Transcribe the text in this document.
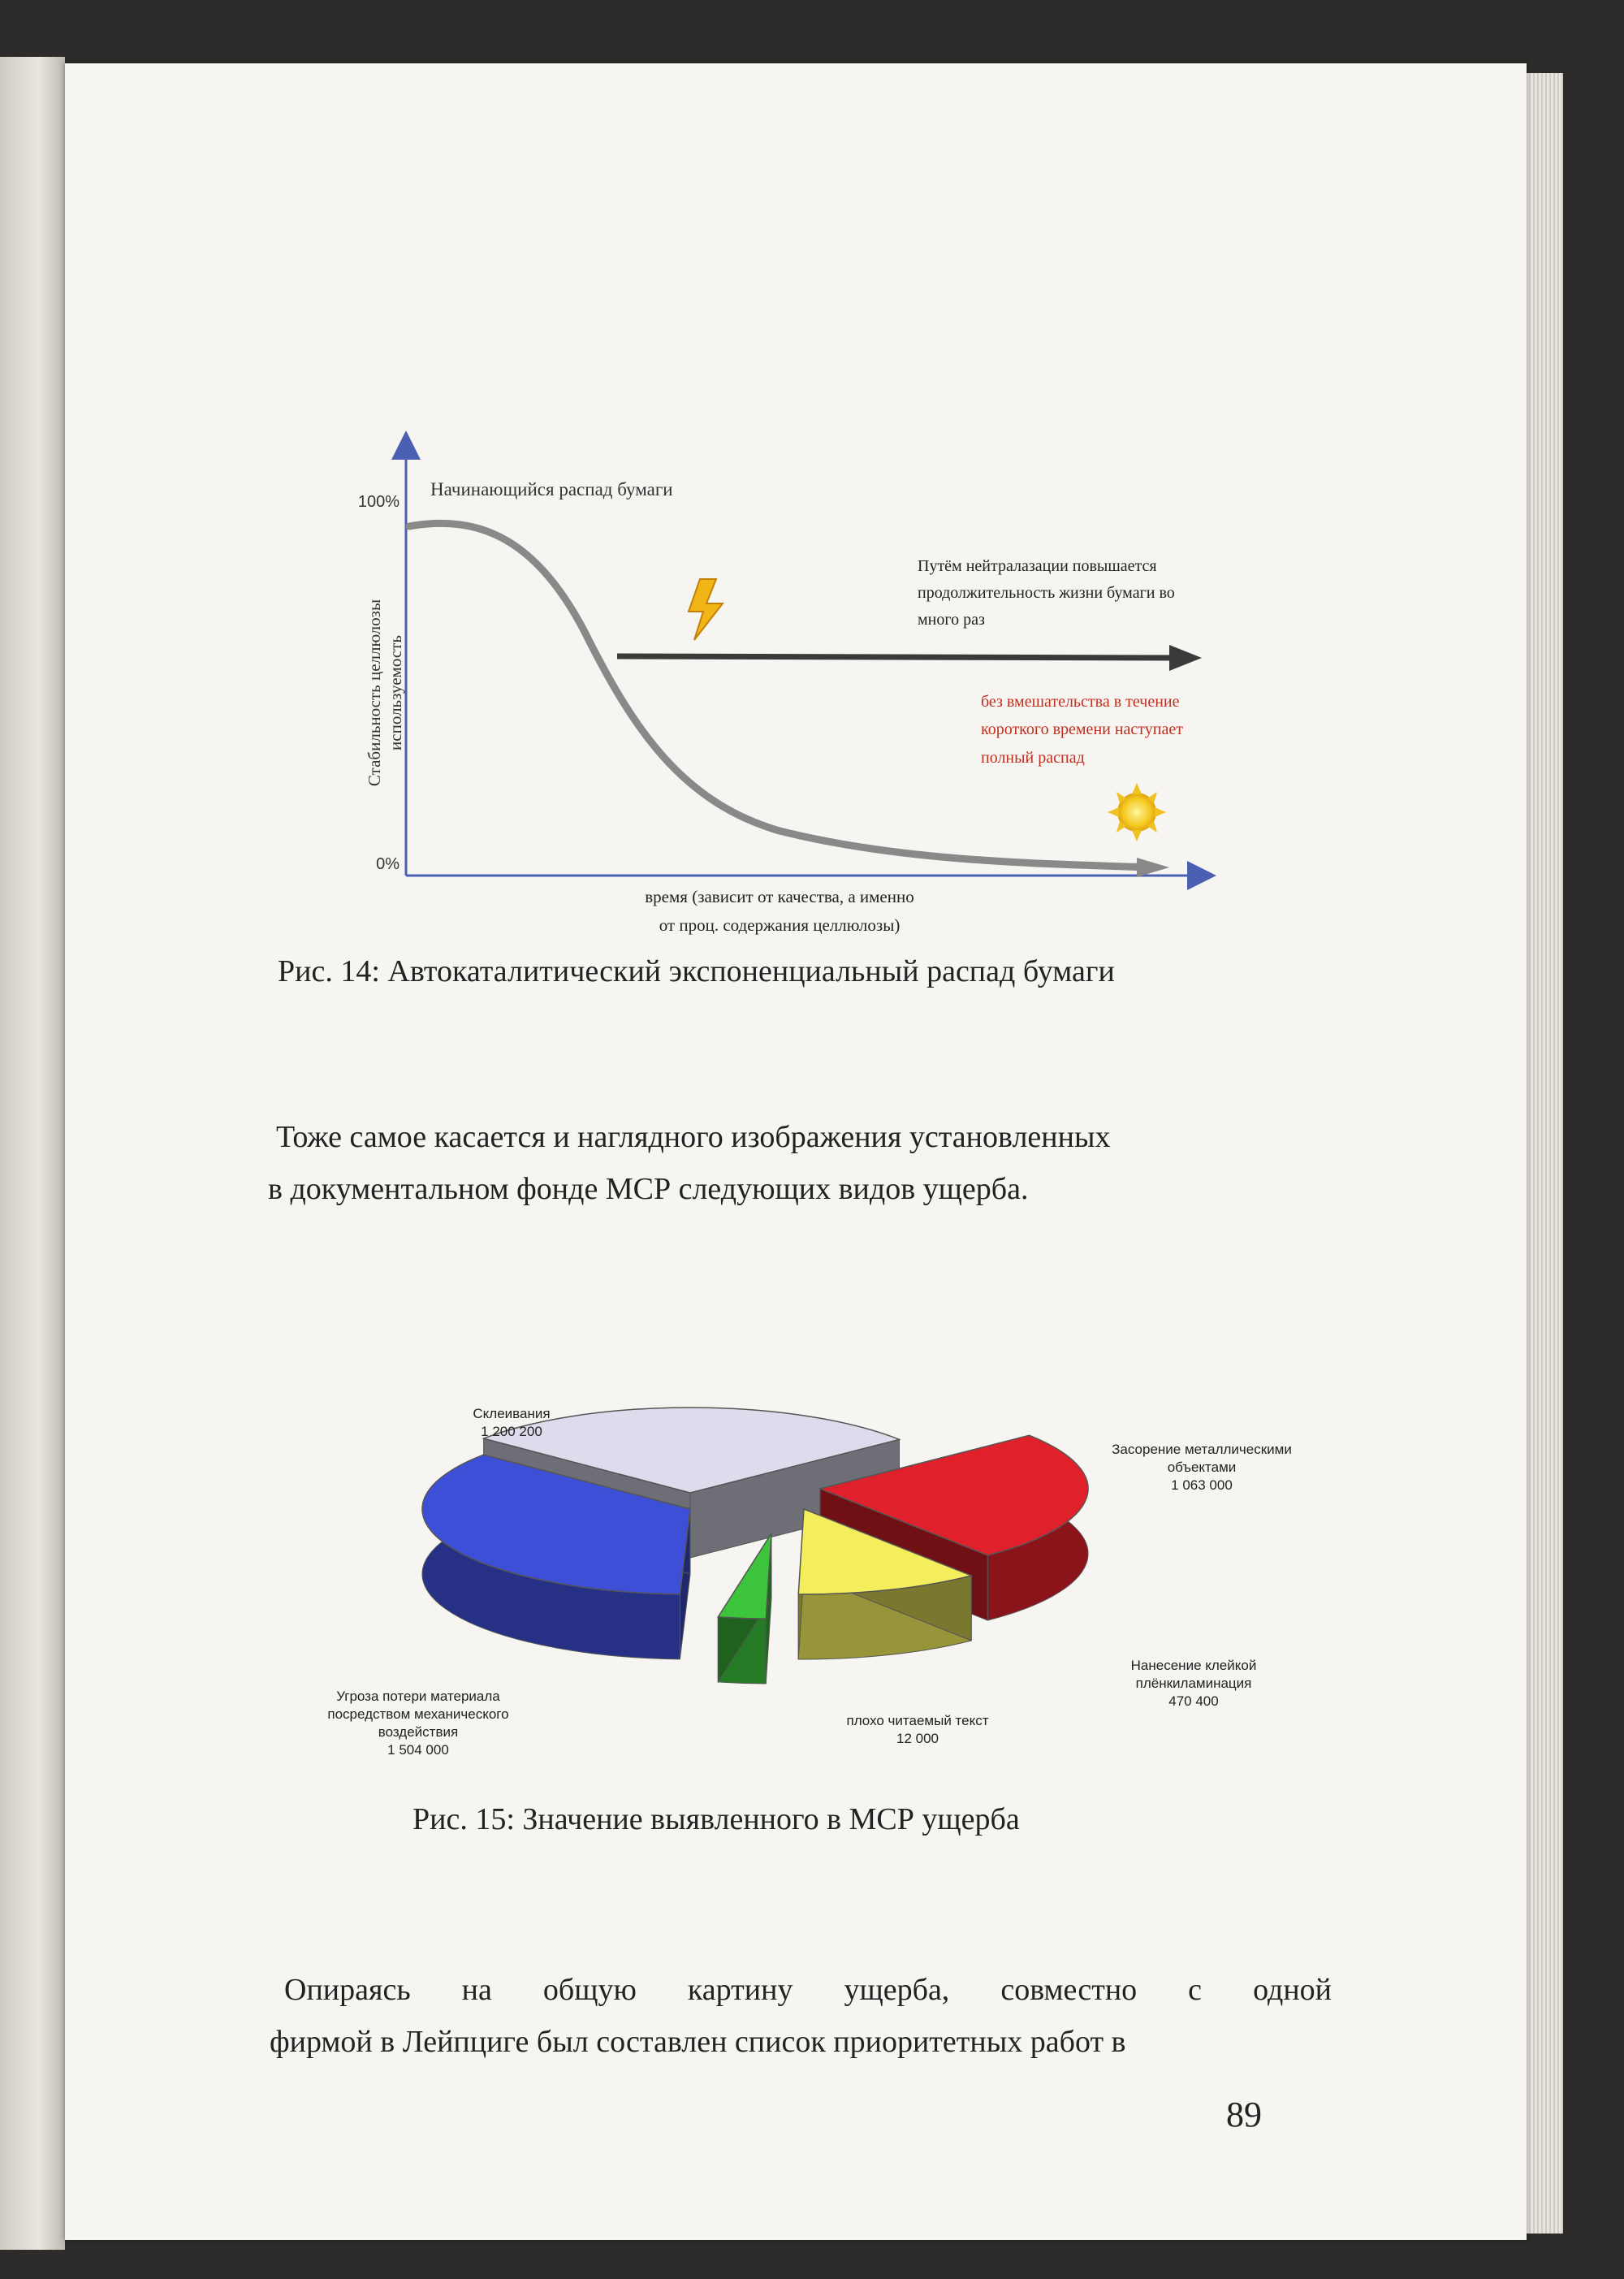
100%
0%
Стабильность целлюлозы используемость
Начинающийся распад бумаги
Путём нейтралазации повышается
продолжительность жизни бумаги во
много раз
без вмешательства в течение
короткого времени наступает
полный распад
время (зависит от качества, а именно
от проц. содержания целлюлозы)
Рис. 14: Автокаталитический экспоненциальный распад бумаги
Тоже самое касается и наглядного изображения установленных
в документальном фонде МСР следующих видов ущерба.
Склеивания
1 200 200
Засорение металлическими
объектами
1 063 000
Нанесение клейкой
плёнкиламинация
470 400
плохо читаемый текст
12 000
Угроза потери материала
посредством механического
воздействия
1 504 000
Рис. 15: Значение выявленного в МСР ущерба
Опираясь на общую картину ущерба, совместно с одной
фирмой в Лейпциге был составлен список приоритетных работ в
89
